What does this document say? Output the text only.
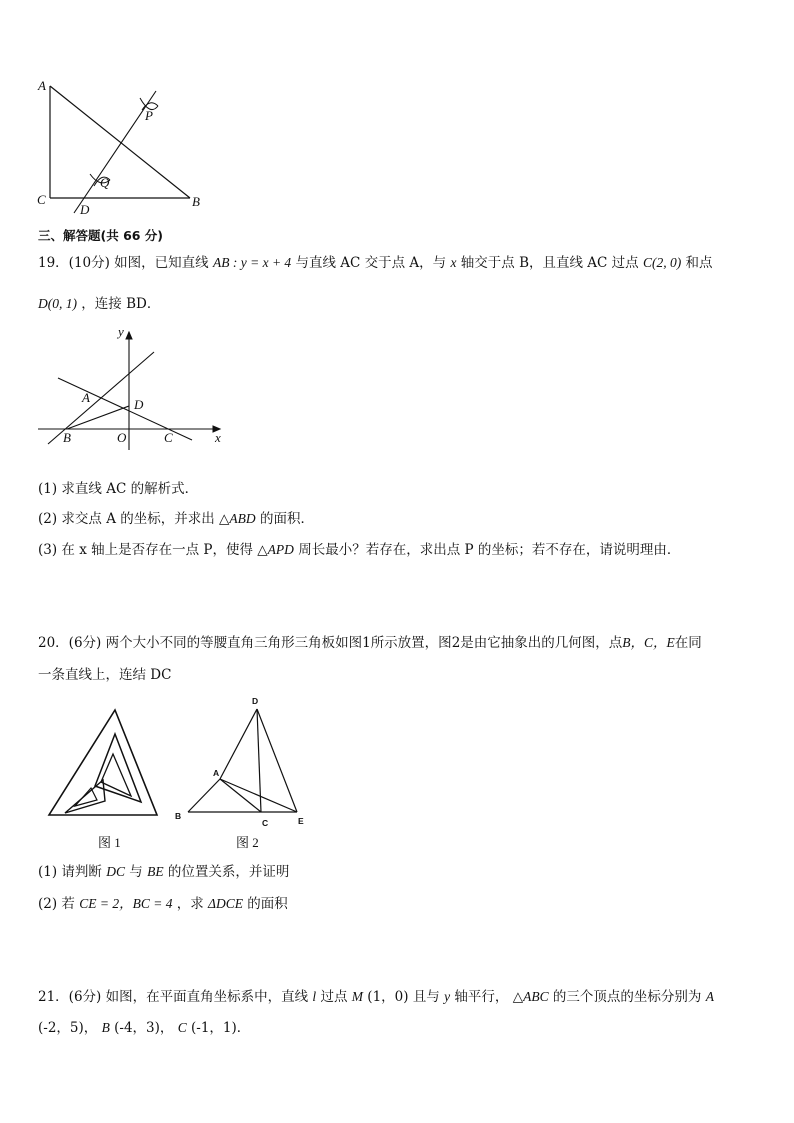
A
P
C
Q
D
B
三、解答题(共 66 分)
19．(10分) 如图，已知直线 AB : y = x + 4 与直线 AC 交于点 A，与 x 轴交于点 B，且直线 AC 过点 C(2, 0) 和点
D(0, 1) ，连接 BD．
y
x
A	D
B	O	C
(1) 求直线 AC 的解析式．
(2) 求交点 A 的坐标，并求出 △ABD 的面积．
(3) 在 x 轴上是否存在一点 P，使得 △APD 周长最小？若存在，求出点 P 的坐标；若不存在，请说明理由．
20．(6分) 两个大小不同的等腰直角三角形三角板如图1所示放置，图2是由它抽象出的几何图，点B，C，E在同
一条直线上，连结 DC
图 1
D
A
B
C	E
图 2
(1) 请判断 DC 与 BE 的位置关系，并证明
(2) 若 CE = 2，BC = 4 ，求 ΔDCE 的面积
21．(6分) 如图，在平面直角坐标系中，直线 l 过点 M (1，0) 且与 y 轴平行， △ABC 的三个顶点的坐标分别为 A
(-2，5)， B (-4，3)， C (-1，1)．
